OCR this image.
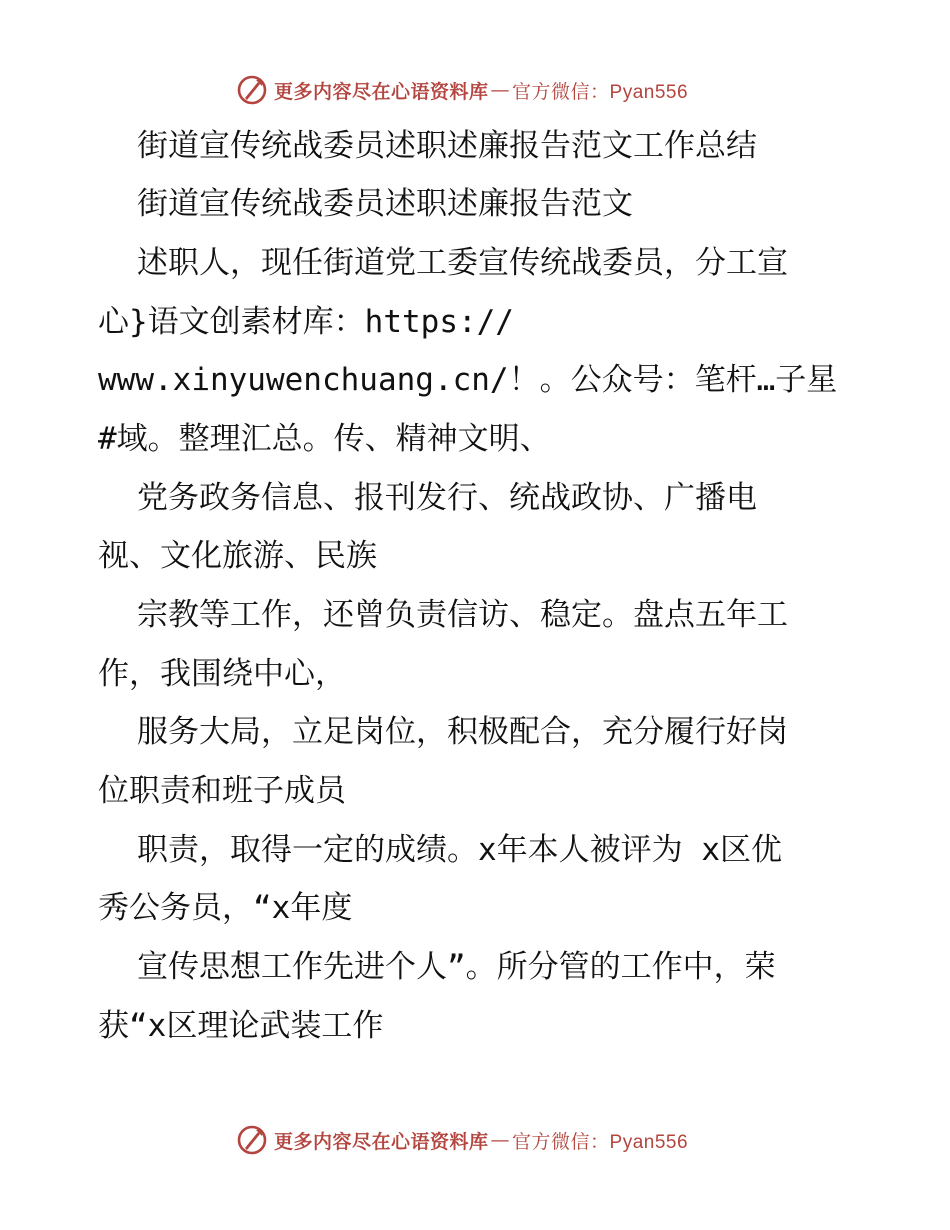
更多内容尽在心语资料库 — 官方微信：Pyan556
街道宣传统战委员述职述廉报告范文工作总结
街道宣传统战委员述职述廉报告范文
述职人，现任街道党工委宣传统战委员，分工宣
心}语文创素材库：https://
www.xinyuwenchuang.cn/！。公众号：笔杆…子星
#域。整理汇总。传、精神文明、
党务政务信息、报刊发行、统战政协、广播电
视、文化旅游、民族
宗教等工作，还曾负责信访、稳定。盘点五年工
作，我围绕中心，
服务大局，立足岗位，积极配合，充分履行好岗
位职责和班子成员
职责，取得一定的成绩。x年本人被评为 x区优
秀公务员，“x年度
宣传思想工作先进个人”。所分管的工作中，荣
获“x区理论武装工作
更多内容尽在心语资料库 — 官方微信：Pyan556
